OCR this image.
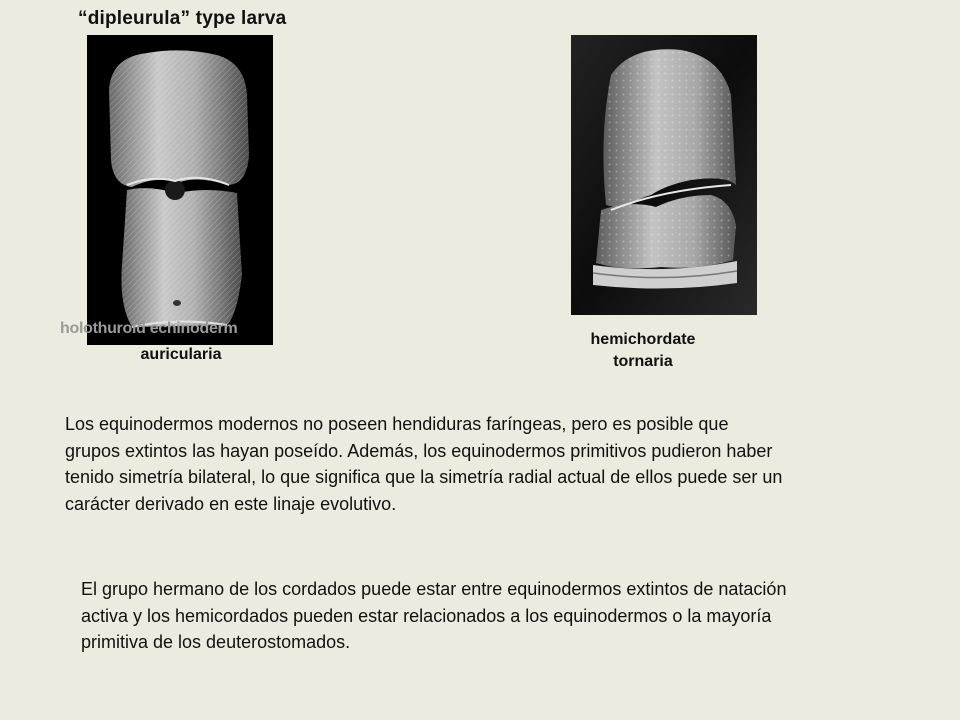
“dipleurula” type larva
holothuroid echinoderm
auricularia
hemichordate
tornaria

Los equinodermos modernos no poseen hendiduras faríngeas, pero es posible que grupos extintos las hayan poseído. Además, los equinodermos primitivos pudieron haber tenido simetría bilateral, lo que significa que la simetría radial actual de ellos puede ser un carácter derivado en este linaje evolutivo.

El grupo hermano de los cordados puede estar entre equinodermos extintos de natación activa y los hemicordados pueden estar relacionados a los equinodermos o la mayoría primitiva de los deuterostomados.
